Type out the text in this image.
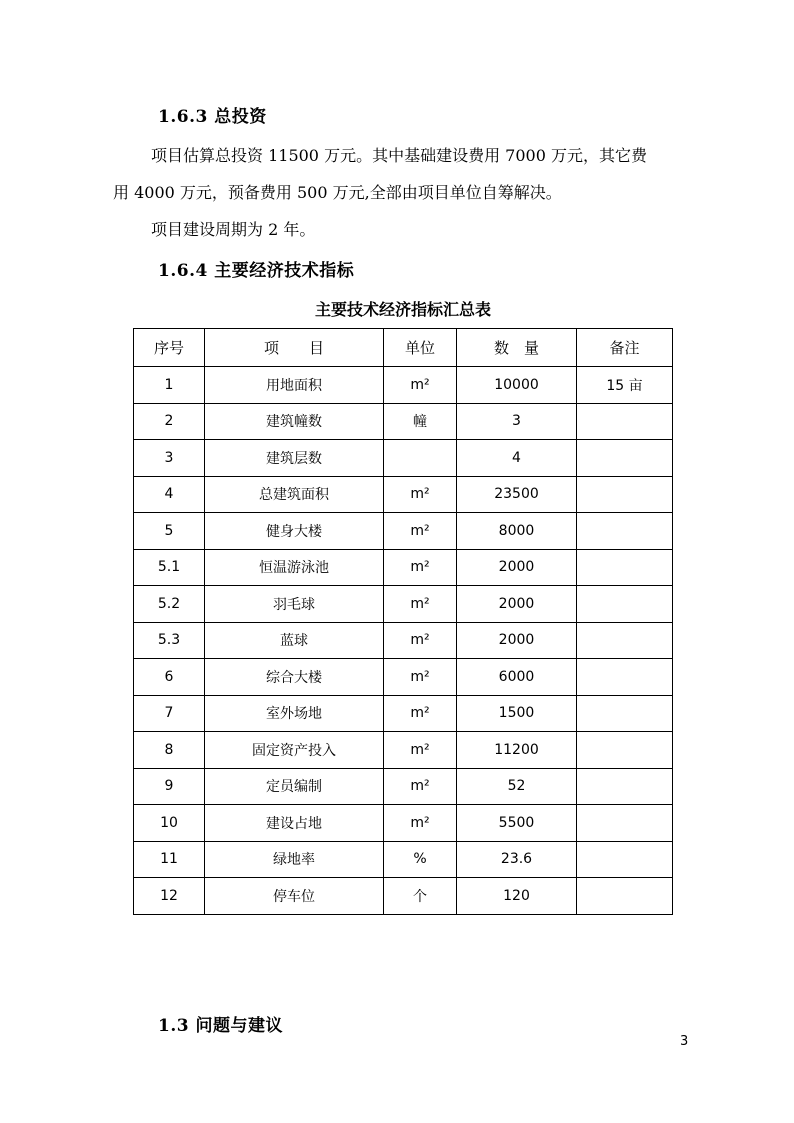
1.6.3 总投资
项目估算总投资 11500 万元。其中基础建设费用 7000 万元，其它费
用 4000 万元，预备费用 500 万元,全部由项目单位自筹解决。
项目建设周期为 2 年。
1.6.4 主要经济技术指标
主要技术经济指标汇总表
序号	项　　目	单位	数　量	备注
1	用地面积	m²	10000	15 亩
2	建筑幢数	幢	3	
3	建筑层数		4	
4	总建筑面积	m²	23500	
5	健身大楼	m²	8000	
5.1	恒温游泳池	m²	2000	
5.2	羽毛球	m²	2000	
5.3	蓝球	m²	2000	
6	综合大楼	m²	6000	
7	室外场地	m²	1500	
8	固定资产投入	m²	11200	
9	定员编制	m²	52	
10	建设占地	m²	5500	
11	绿地率	%	23.6	
12	停车位	个	120	
1.3 问题与建议
3
